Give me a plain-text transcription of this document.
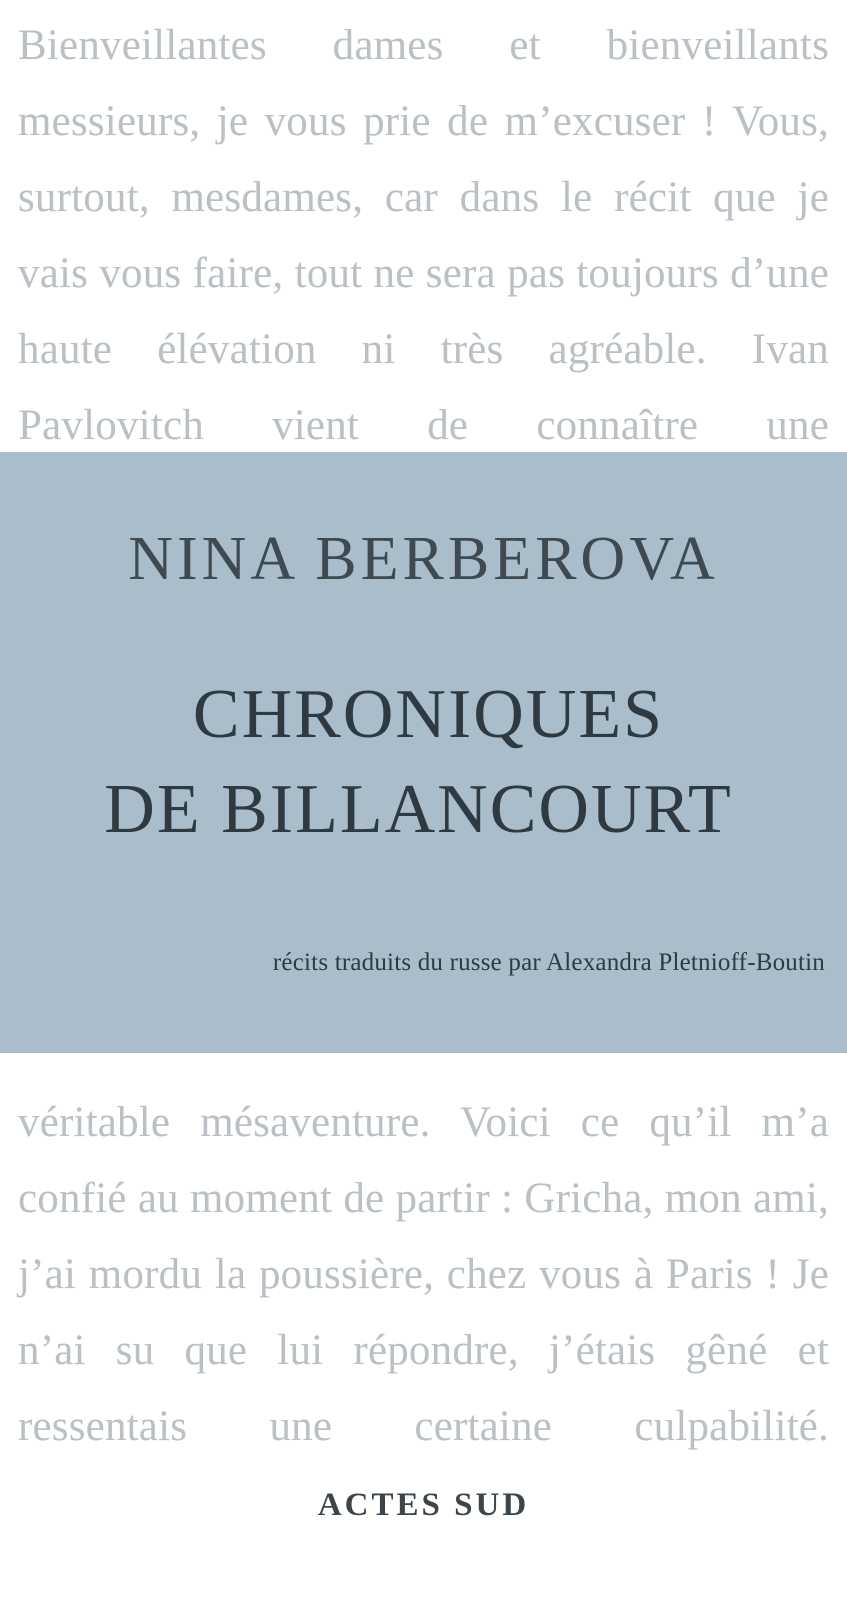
Bienveillantes dames et bienveillants messieurs, je vous prie de m’excuser ! Vous, surtout, mesdames, car dans le récit que je vais vous faire, tout ne sera pas toujours d’une haute élévation ni très agréable. Ivan Pavlovitch vient de connaître une

NINA BERBEROVA
CHRONIQUES
DE BILLANCOURT

récits traduits du russe par Alexandra Pletnioff-Boutin

véritable mésaventure. Voici ce qu’il m’a confié au moment de partir : Gricha, mon ami, j’ai mordu la poussière, chez vous à Paris ! Je n’ai su que lui répondre, j’étais gêné et ressentais une certaine culpabilité.

ACTES SUD
